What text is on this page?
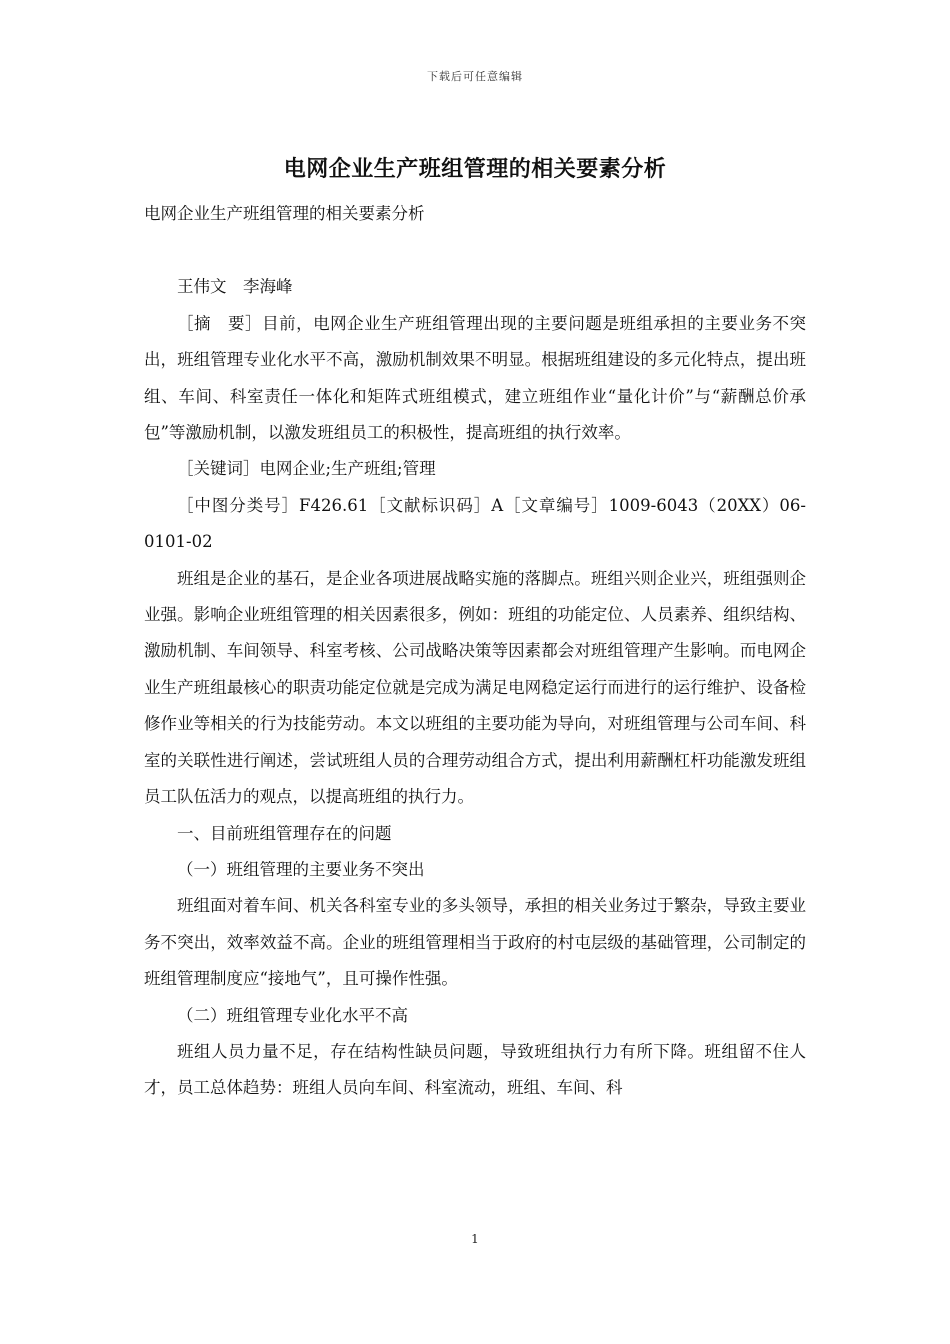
下载后可任意编辑
电网企业生产班组管理的相关要素分析

电网企业生产班组管理的相关要素分析

王伟文　李海峰

［摘　要］目前，电网企业生产班组管理出现的主要问题是班组承担的主要业务不突出，班组管理专业化水平不高，激励机制效果不明显。根据班组建设的多元化特点，提出班组、车间、科室责任一体化和矩阵式班组模式，建立班组作业“量化计价”与“薪酬总价承包”等激励机制，以激发班组员工的积极性，提高班组的执行效率。

［关键词］电网企业;生产班组;管理

［中图分类号］F426.61［文献标识码］A［文章编号］1009-6043（20XX）06-0101-02

班组是企业的基石，是企业各项进展战略实施的落脚点。班组兴则企业兴，班组强则企业强。影响企业班组管理的相关因素很多，例如：班组的功能定位、人员素养、组织结构、激励机制、车间领导、科室考核、公司战略决策等因素都会对班组管理产生影响。而电网企业生产班组最核心的职责功能定位就是完成为满足电网稳定运行而进行的运行维护、设备检修作业等相关的行为技能劳动。本文以班组的主要功能为导向，对班组管理与公司车间、科室的关联性进行阐述，尝试班组人员的合理劳动组合方式，提出利用薪酬杠杆功能激发班组员工队伍活力的观点，以提高班组的执行力。

一、目前班组管理存在的问题

（一）班组管理的主要业务不突出

班组面对着车间、机关各科室专业的多头领导，承担的相关业务过于繁杂，导致主要业务不突出，效率效益不高。企业的班组管理相当于政府的村屯层级的基础管理，公司制定的班组管理制度应“接地气”，且可操作性强。

（二）班组管理专业化水平不高

班组人员力量不足，存在结构性缺员问题，导致班组执行力有所下降。班组留不住人才，员工总体趋势：班组人员向车间、科室流动，班组、车间、科

1
